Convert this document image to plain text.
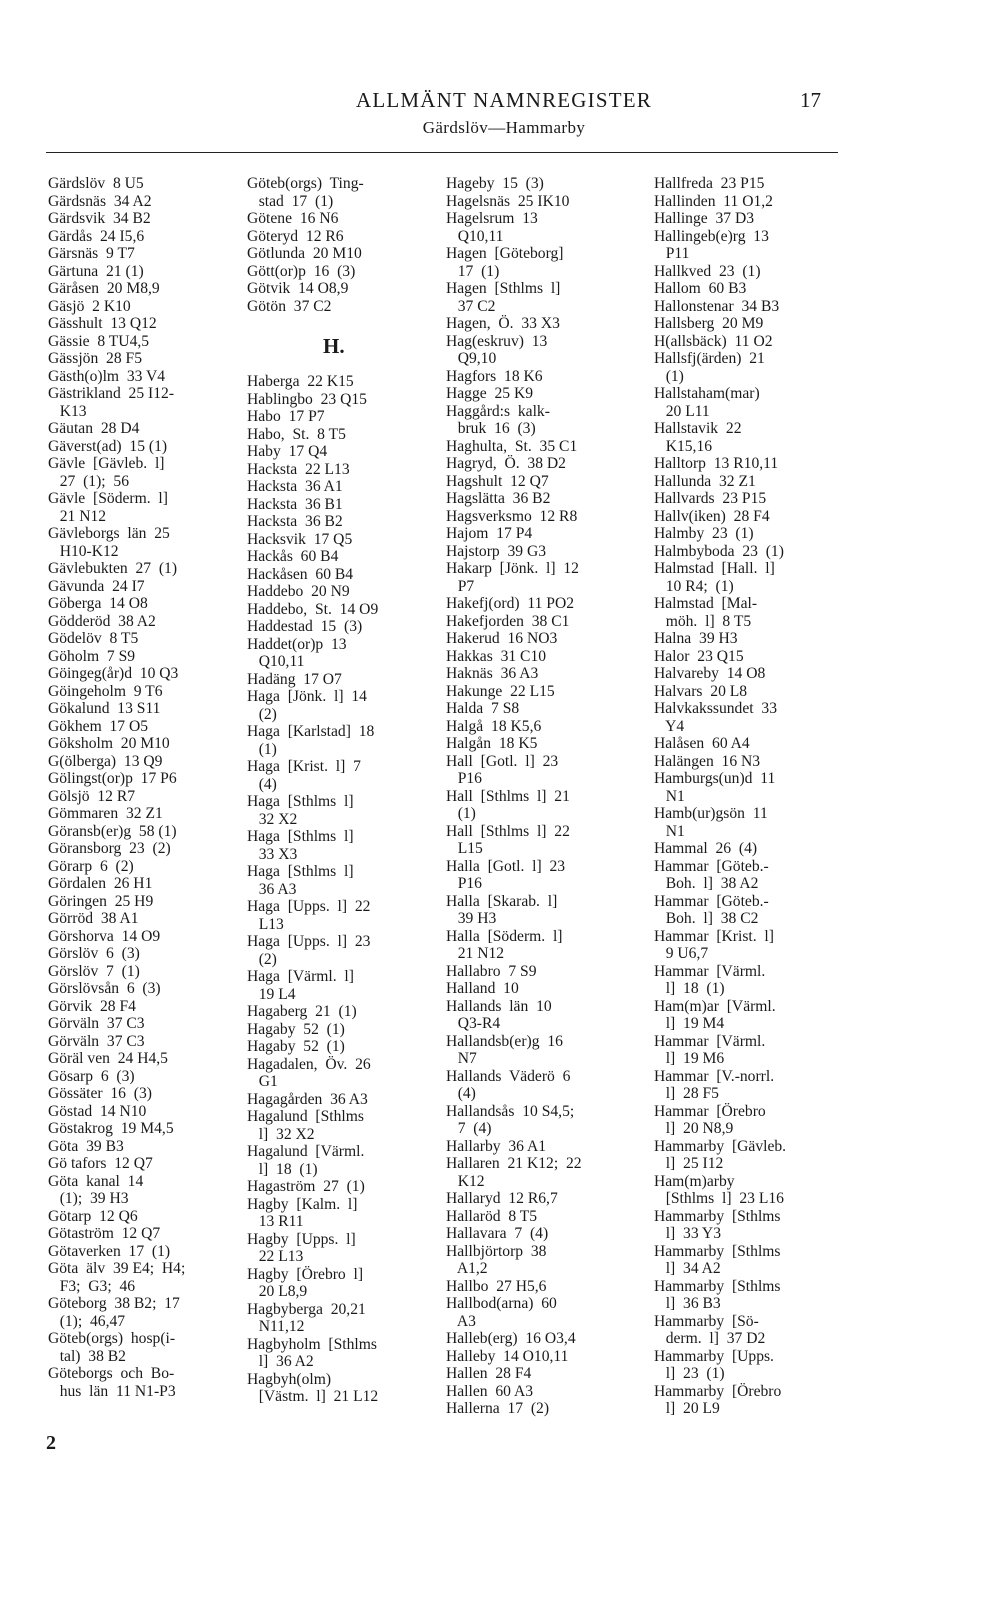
ALLMÄNT NAMNREGISTER	17
Gärdslöv—Hammarby
Gärdslöv  8 U5
Gärdsnäs  34 A2
Gärdsvik  34 B2
Gärdås  24 I5,6
Gärsnäs  9 T7
Gärtuna  21 (1)
Gäråsen  20 M8,9
Gäsjö  2 K10
Gässhult  13 Q12
Gässie  8 TU4,5
Gässjön  28 F5
Gästh(o)lm  33 V4
Gästrikland  25 I12-
K13
Gäutan  28 D4
Gäverst(ad)  15 (1)
Gävle  [Gävleb.  l]
27  (1);  56
Gävle  [Söderm.  l]
21 N12
Gävleborgs  län  25
H10-K12
Gävlebukten  27  (1)
Gävunda  24 I7
Göberga  14 O8
Gödderöd  38 A2
Gödelöv  8 T5
Göholm  7 S9
Göingeg(år)d  10 Q3
Göingeholm  9 T6
Gökalund  13 S11
Gökhem  17 O5
Göksholm  20 M10
G(ölberga)  13 Q9
Gölingst(or)p  17 P6
Gölsjö  12 R7
Gömmaren  32 Z1
Göransb(er)g  58 (1)
Göransborg  23  (2)
Görarp  6  (2)
Gördalen  26 H1
Göringen  25 H9
Görröd  38 A1
Görshorva  14 O9
Görslöv  6  (3)
Görslöv  7  (1)
Görslövsån  6  (3)
Görvik  28 F4
Görväln  37 C3
Görväln  37 C3
Göräl ven  24 H4,5
Gösarp  6  (3)
Gössäter  16  (3)
Göstad  14 N10
Göstakrog  19 M4,5
Göta  39 B3
Gö tafors  12 Q7
Göta  kanal  14
(1);  39 H3
Götarp  12 Q6
Götaström  12 Q7
Götaverken  17  (1)
Göta  älv  39 E4;  H4;
F3;  G3;  46
Göteborg  38 B2;  17
(1);  46,47
Göteb(orgs)  hosp(i-
tal)  38 B2
Göteborgs  och  Bo-
hus  län  11 N1-P3
Göteb(orgs)  Ting-
stad  17  (1)
Götene  16 N6
Göteryd  12 R6
Götlunda  20 M10
Gött(or)p  16  (3)
Götvik  14 O8,9
Götön  37 C2
H.
Haberga  22 K15
Hablingbo  23 Q15
Habo  17 P7
Habo,  St.  8 T5
Haby  17 Q4
Hacksta  22 L13
Hacksta  36 A1
Hacksta  36 B1
Hacksta  36 B2
Hacksvik  17 Q5
Hackås  60 B4
Hackåsen  60 B4
Haddebo  20 N9
Haddebo,  St.  14 O9
Haddestad  15  (3)
Haddet(or)p  13
Q10,11
Hadäng  17 O7
Haga  [Jönk.  l]  14
(2)
Haga  [Karlstad]  18
(1)
Haga  [Krist.  l]  7
(4)
Haga  [Sthlms  l]
32 X2
Haga  [Sthlms  l]
33 X3
Haga  [Sthlms  l]
36 A3
Haga  [Upps.  l]  22
L13
Haga  [Upps.  l]  23
(2)
Haga  [Värml.  l]
19 L4
Hagaberg  21  (1)
Hagaby  52  (1)
Hagaby  52  (1)
Hagadalen,  Öv.  26
G1
Hagagården  36 A3
Hagalund  [Sthlms
l]  32 X2
Hagalund  [Värml.
l]  18  (1)
Hagaström  27  (1)
Hagby  [Kalm.  l]
13 R11
Hagby  [Upps.  l]
22 L13
Hagby  [Örebro  l]
20 L8,9
Hagbyberga  20,21
N11,12
Hagbyholm  [Sthlms
l]  36 A2
Hagbyh(olm)
[Västm.  l]  21 L12
Hageby  15  (3)
Hagelsnäs  25 IK10
Hagelsrum  13
Q10,11
Hagen  [Göteborg]
17  (1)
Hagen  [Sthlms  l]
37 C2
Hagen,  Ö.  33 X3
Hag(eskruv)  13
Q9,10
Hagfors  18 K6
Hagge  25 K9
Haggård:s  kalk-
bruk  16  (3)
Haghulta,  St.  35 C1
Hagryd,  Ö.  38 D2
Hagshult  12 Q7
Hagslätta  36 B2
Hagsverksmo  12 R8
Hajom  17 P4
Hajstorp  39 G3
Hakarp  [Jönk.  l]  12
P7
Hakefj(ord)  11 PO2
Hakefjorden  38 C1
Hakerud  16 NO3
Hakkas  31 C10
Haknäs  36 A3
Hakunge  22 L15
Halda  7 S8
Halgå  18 K5,6
Halgån  18 K5
Hall  [Gotl.  l]  23
P16
Hall  [Sthlms  l]  21
(1)
Hall  [Sthlms  l]  22
L15
Halla  [Gotl.  l]  23
P16
Halla  [Skarab.  l]
39 H3
Halla  [Söderm.  l]
21 N12
Hallabro  7 S9
Halland  10
Hallands  län  10
Q3-R4
Hallandsb(er)g  16
N7
Hallands  Väderö  6
(4)
Hallandsås  10 S4,5;
7  (4)
Hallarby  36 A1
Hallaren  21 K12;  22
K12
Hallaryd  12 R6,7
Hallaröd  8 T5
Hallavara  7  (4)
Hallbjörtorp  38
A1,2
Hallbo  27 H5,6
Hallbod(arna)  60
A3
Halleb(erg)  16 O3,4
Halleby  14 O10,11
Hallen  28 F4
Hallen  60 A3
Hallerna  17  (2)
Hallfreda  23 P15
Hallinden  11 O1,2
Hallinge  37 D3
Hallingeb(e)rg  13
P11
Hallkved  23  (1)
Hallom  60 B3
Hallonstenar  34 B3
Hallsberg  20 M9
H(allsbäck)  11 O2
Hallsfj(ärden)  21
(1)
Hallstaham(mar)
20 L11
Hallstavik  22
K15,16
Halltorp  13 R10,11
Hallunda  32 Z1
Hallvards  23 P15
Hallv(iken)  28 F4
Halmby  23  (1)
Halmbyboda  23  (1)
Halmstad  [Hall.  l]
10 R4;  (1)
Halmstad  [Mal-
möh.  l]  8 T5
Halna  39 H3
Halor  23 Q15
Halvareby  14 O8
Halvars  20 L8
Halvkakssundet  33
Y4
Halåsen  60 A4
Halängen  16 N3
Hamburgs(un)d  11
N1
Hamb(ur)gsön  11
N1
Hammal  26  (4)
Hammar  [Göteb.-
Boh.  l]  38 A2
Hammar  [Göteb.-
Boh.  l]  38 C2
Hammar  [Krist.  l]
9 U6,7
Hammar  [Värml.
l]  18  (1)
Ham(m)ar  [Värml.
l]  19 M4
Hammar  [Värml.
l]  19 M6
Hammar  [V.-norrl.
l]  28 F5
Hammar  [Örebro
l]  20 N8,9
Hammarby  [Gävleb.
l]  25 I12
Ham(m)arby
[Sthlms  l]  23 L16
Hammarby  [Sthlms
l]  33 Y3
Hammarby  [Sthlms
l]  34 A2
Hammarby  [Sthlms
l]  36 B3
Hammarby  [Sö-
derm.  l]  37 D2
Hammarby  [Upps.
l]  23  (1)
Hammarby  [Örebro
l]  20 L9
2
